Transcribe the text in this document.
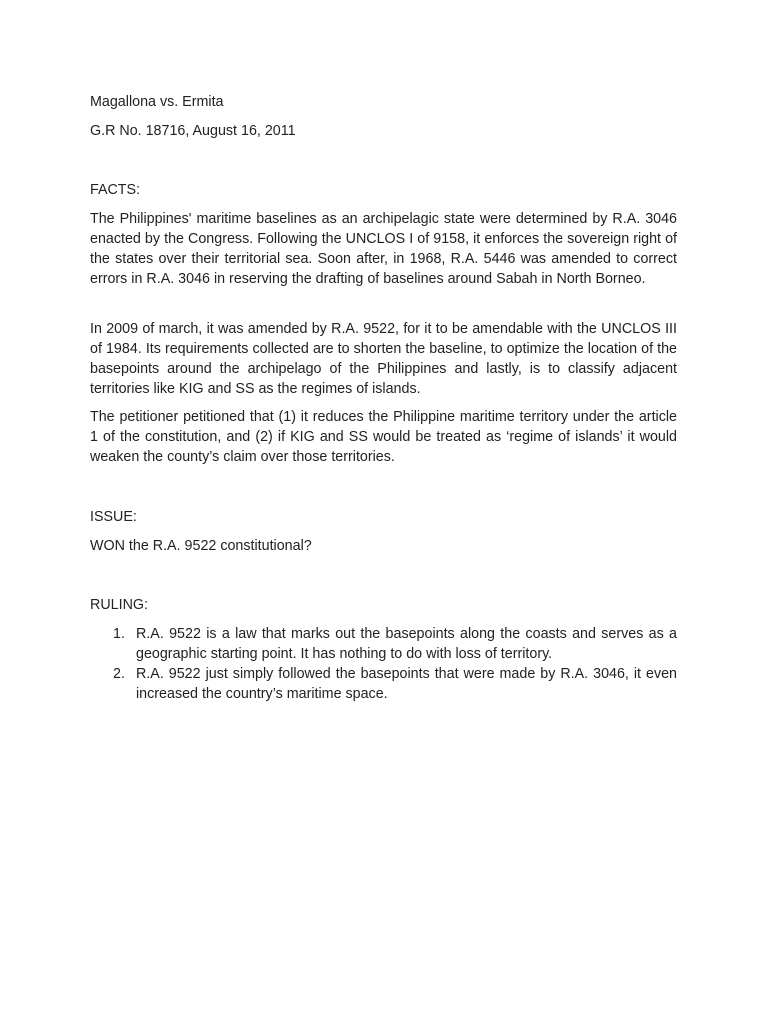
Magallona vs. Ermita
G.R No. 18716, August 16, 2011
FACTS:

The Philippines' maritime baselines as an archipelagic state were determined by R.A. 3046 enacted by the Congress. Following the UNCLOS I of 9158, it enforces the sovereign right of the states over their territorial sea. Soon after, in 1968, R.A. 5446 was amended to correct errors in R.A. 3046 in reserving the drafting of baselines around Sabah in North Borneo.

In 2009 of march, it was amended by R.A. 9522, for it to be amendable with the UNCLOS III of 1984. Its requirements collected are to shorten the baseline, to optimize the location of the basepoints around the archipelago of the Philippines and lastly, is to classify adjacent territories like KIG and SS as the regimes of islands.

The petitioner petitioned that (1) it reduces the Philippine maritime territory under the article 1 of the constitution, and (2) if KIG and SS would be treated as ‘regime of islands’ it would weaken the county’s claim over those territories.

ISSUE:
WON the R.A. 9522 constitutional?
RULING:
1. R.A. 9522 is a law that marks out the basepoints along the coasts and serves as a geographic starting point. It has nothing to do with loss of territory.
2. R.A. 9522 just simply followed the basepoints that were made by R.A. 3046, it even increased the country’s maritime space.
